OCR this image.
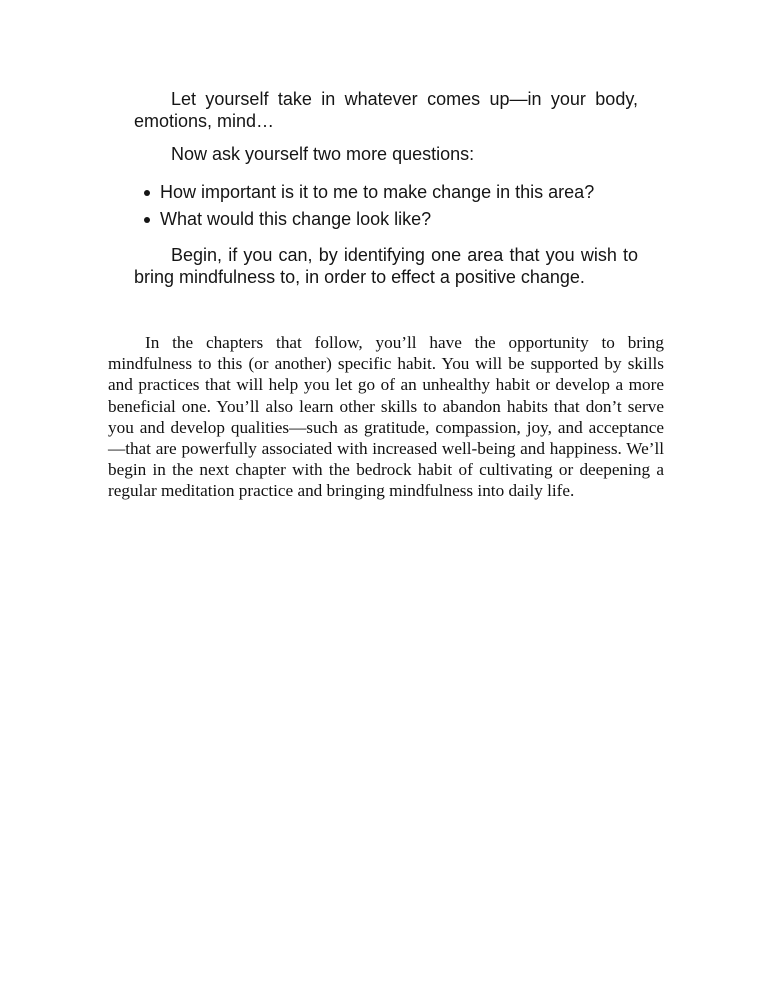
Let yourself take in whatever comes up—in your body, emotions, mind…

Now ask yourself two more questions:

How important is it to me to make change in this area?
What would this change look like?

Begin, if you can, by identifying one area that you wish to bring mindfulness to, in order to effect a positive change.

In the chapters that follow, you’ll have the opportunity to bring mindfulness to this (or another) specific habit. You will be supported by skills and practices that will help you let go of an unhealthy habit or develop a more beneficial one. You’ll also learn other skills to abandon habits that don’t serve you and develop qualities—such as gratitude, compassion, joy, and acceptance—that are powerfully associated with increased well-being and happiness. We’ll begin in the next chapter with the bedrock habit of cultivating or deepening a regular meditation practice and bringing mindfulness into daily life.
